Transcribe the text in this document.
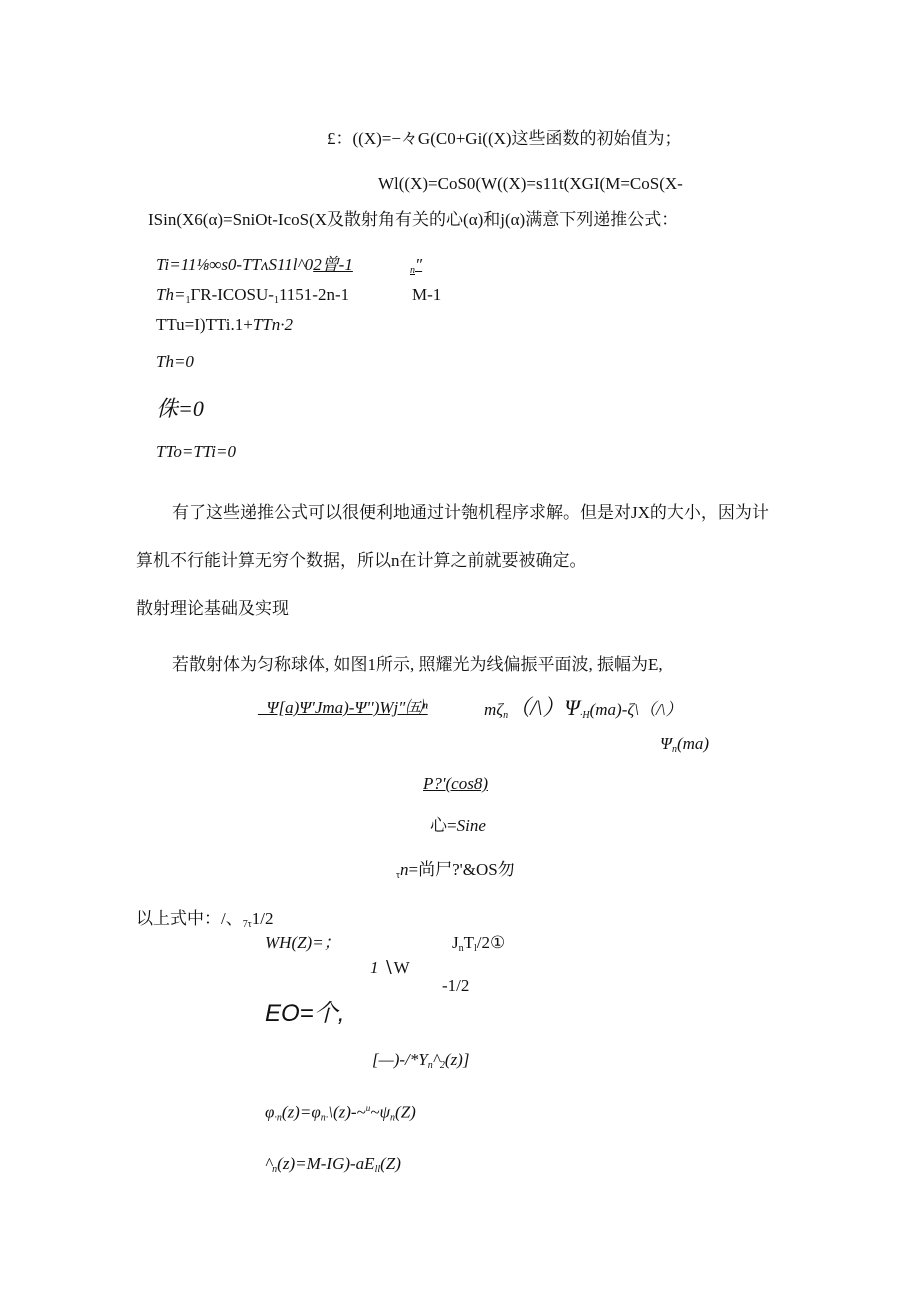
£：((X)=−々G(C0+Gi((X)这些函数的初始值为；
Wl((X)=CoS0(W((X)=s11t(XGI(M=CoS(X-
ISin(X6(α)=SniOt-IcoS(X及散射角有关的心(α)和j(α)满意下列递推公式：
Ti=11⅛∞s0-TTʌS11l^02曾-1	$_n$″
$Th=_1\Gamma R-ICOSU-_11151-2n-1$	M-1
TTu=I)TTi.1+TTn·2
Th=0
侏=0
TTo=TTi=0
有了这些递推公式可以很便利地通过计匏机程序求解。但是对JX的大小，因为计
算机不行能计算无穷个数据，所以n在计算之前就要被确定。
散射理论基础及实现
若散射体为匀称球体, 如图1所示, 照耀光为线偏振平面波, 振幅为E,
_Ψ[a)Ψ'Jma)-Ψ'')Wj″㈤ⁿ	$m\zeta_n(/\backslash)\Psi_{\cdot H}(ma)-\zeta\backslash(/\backslash)$
$\Psi_n(ma)$
P?'(cos8)
心=Sine
$_\tau$n=尚尸?'&OS勿
以上式中：/、$_{7\tau}$1/2
WH(Z)=；	$J_nT_l/2①$
1 ∖W
-1/2
EO=个,
$[—)-/*Y_n\^{}_2(z)$]
$\varphi_{\cdot n}(z)=\varphi_{n\cdot}\backslash(z)-\sim^u\sim\psi_n(Z)$
$\^{}_n(z)=M-IG)-aE_{ll}(Z)$
